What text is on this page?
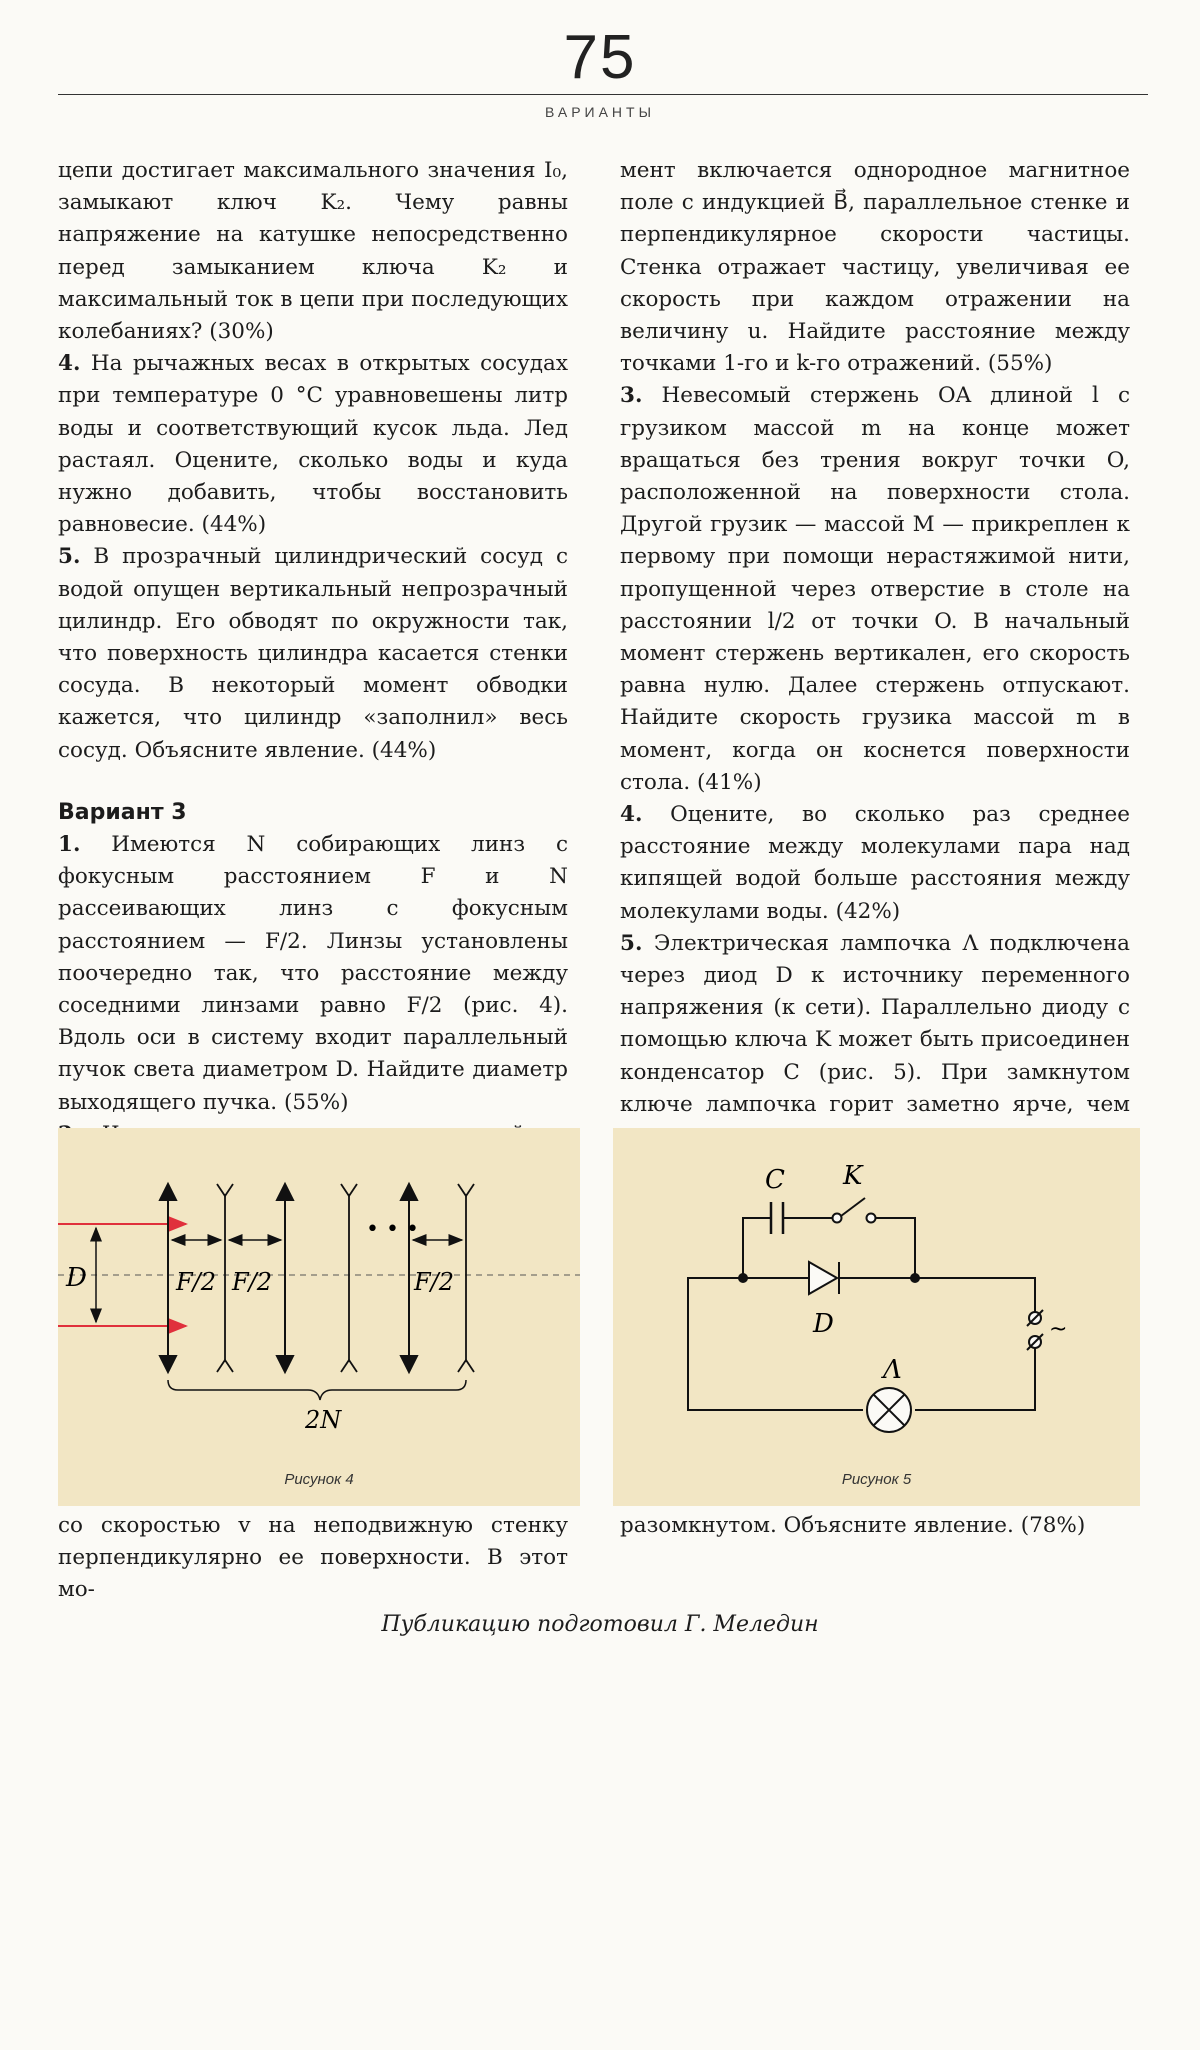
75
ВАРИАНТЫ

цепи достигает максимального значения I₀, замыкают ключ K₂. Чему равны напряжение на катушке непосредственно перед замыканием ключа K₂ и максимальный ток в цепи при последующих колебаниях? (30%)

4. На рычажных весах в открытых сосудах при температуре 0 °C уравновешены литр воды и соответствующий кусок льда. Лед растаял. Оцените, сколько воды и куда нужно добавить, чтобы восстановить равновесие. (44%)

5. В прозрачный цилиндрический сосуд с водой опущен вертикальный непрозрачный цилиндр. Его обводят по окружности так, что поверхность цилиндра касается стенки сосуда. В некоторый момент обводки кажется, что цилиндр «заполнил» весь сосуд. Объясните явление. (44%)

Вариант 3

1. Имеются N собирающих линз с фокусным расстоянием F и N рассеивающих линз с фокусным расстоянием — F/2. Линзы установлены поочередно так, что расстояние между соседними линзами равно F/2 (рис. 4). Вдоль оси в систему входит параллельный пучок света диаметром D. Найдите диаметр выходящего пучка. (55%)

мент включается однородное магнитное поле с индукцией B⃗, параллельное стенке и перпендикулярное скорости частицы. Стенка отражает частицу, увеличивая ее скорость при каждом отражении на величину u. Найдите расстояние между точками 1-го и k-го отражений. (55%)

3. Невесомый стержень OA длиной l с грузиком массой m на конце может вращаться без трения вокруг точки O, расположенной на поверхности стола. Другой грузик — массой M — прикреплен к первому при помощи нерастяжимой нити, пропущенной через отверстие в столе на расстоянии l/2 от точки O. В начальный момент стержень вертикален, его скорость равна нулю. Далее стержень отпускают. Найдите скорость грузика массой m в момент, когда он коснется поверхности стола. (41%)

4. Оцените, во сколько раз среднее расстояние между молекулами пара над кипящей водой больше расстояния между молекулами воды. (42%)

5. Электрическая лампочка Λ подключена через диод D к источнику переменного напряжения (к сети). Параллельно диоду с помощью ключа K может быть присоединен конденсатор C (рис. 5). При замкнутом ключе лампочка горит заметно ярче, чем

D	F/2 F/2	F/2
• • •
2N
Рисунок 4
C K
D	~
Λ
Рисунок 5
со скоростью v на неподвижную стенку перпендикулярно ее поверхности. В этот мо-
разомкнутом. Объясните явление. (78%)
Публикацию подготовил Г. Меледин
